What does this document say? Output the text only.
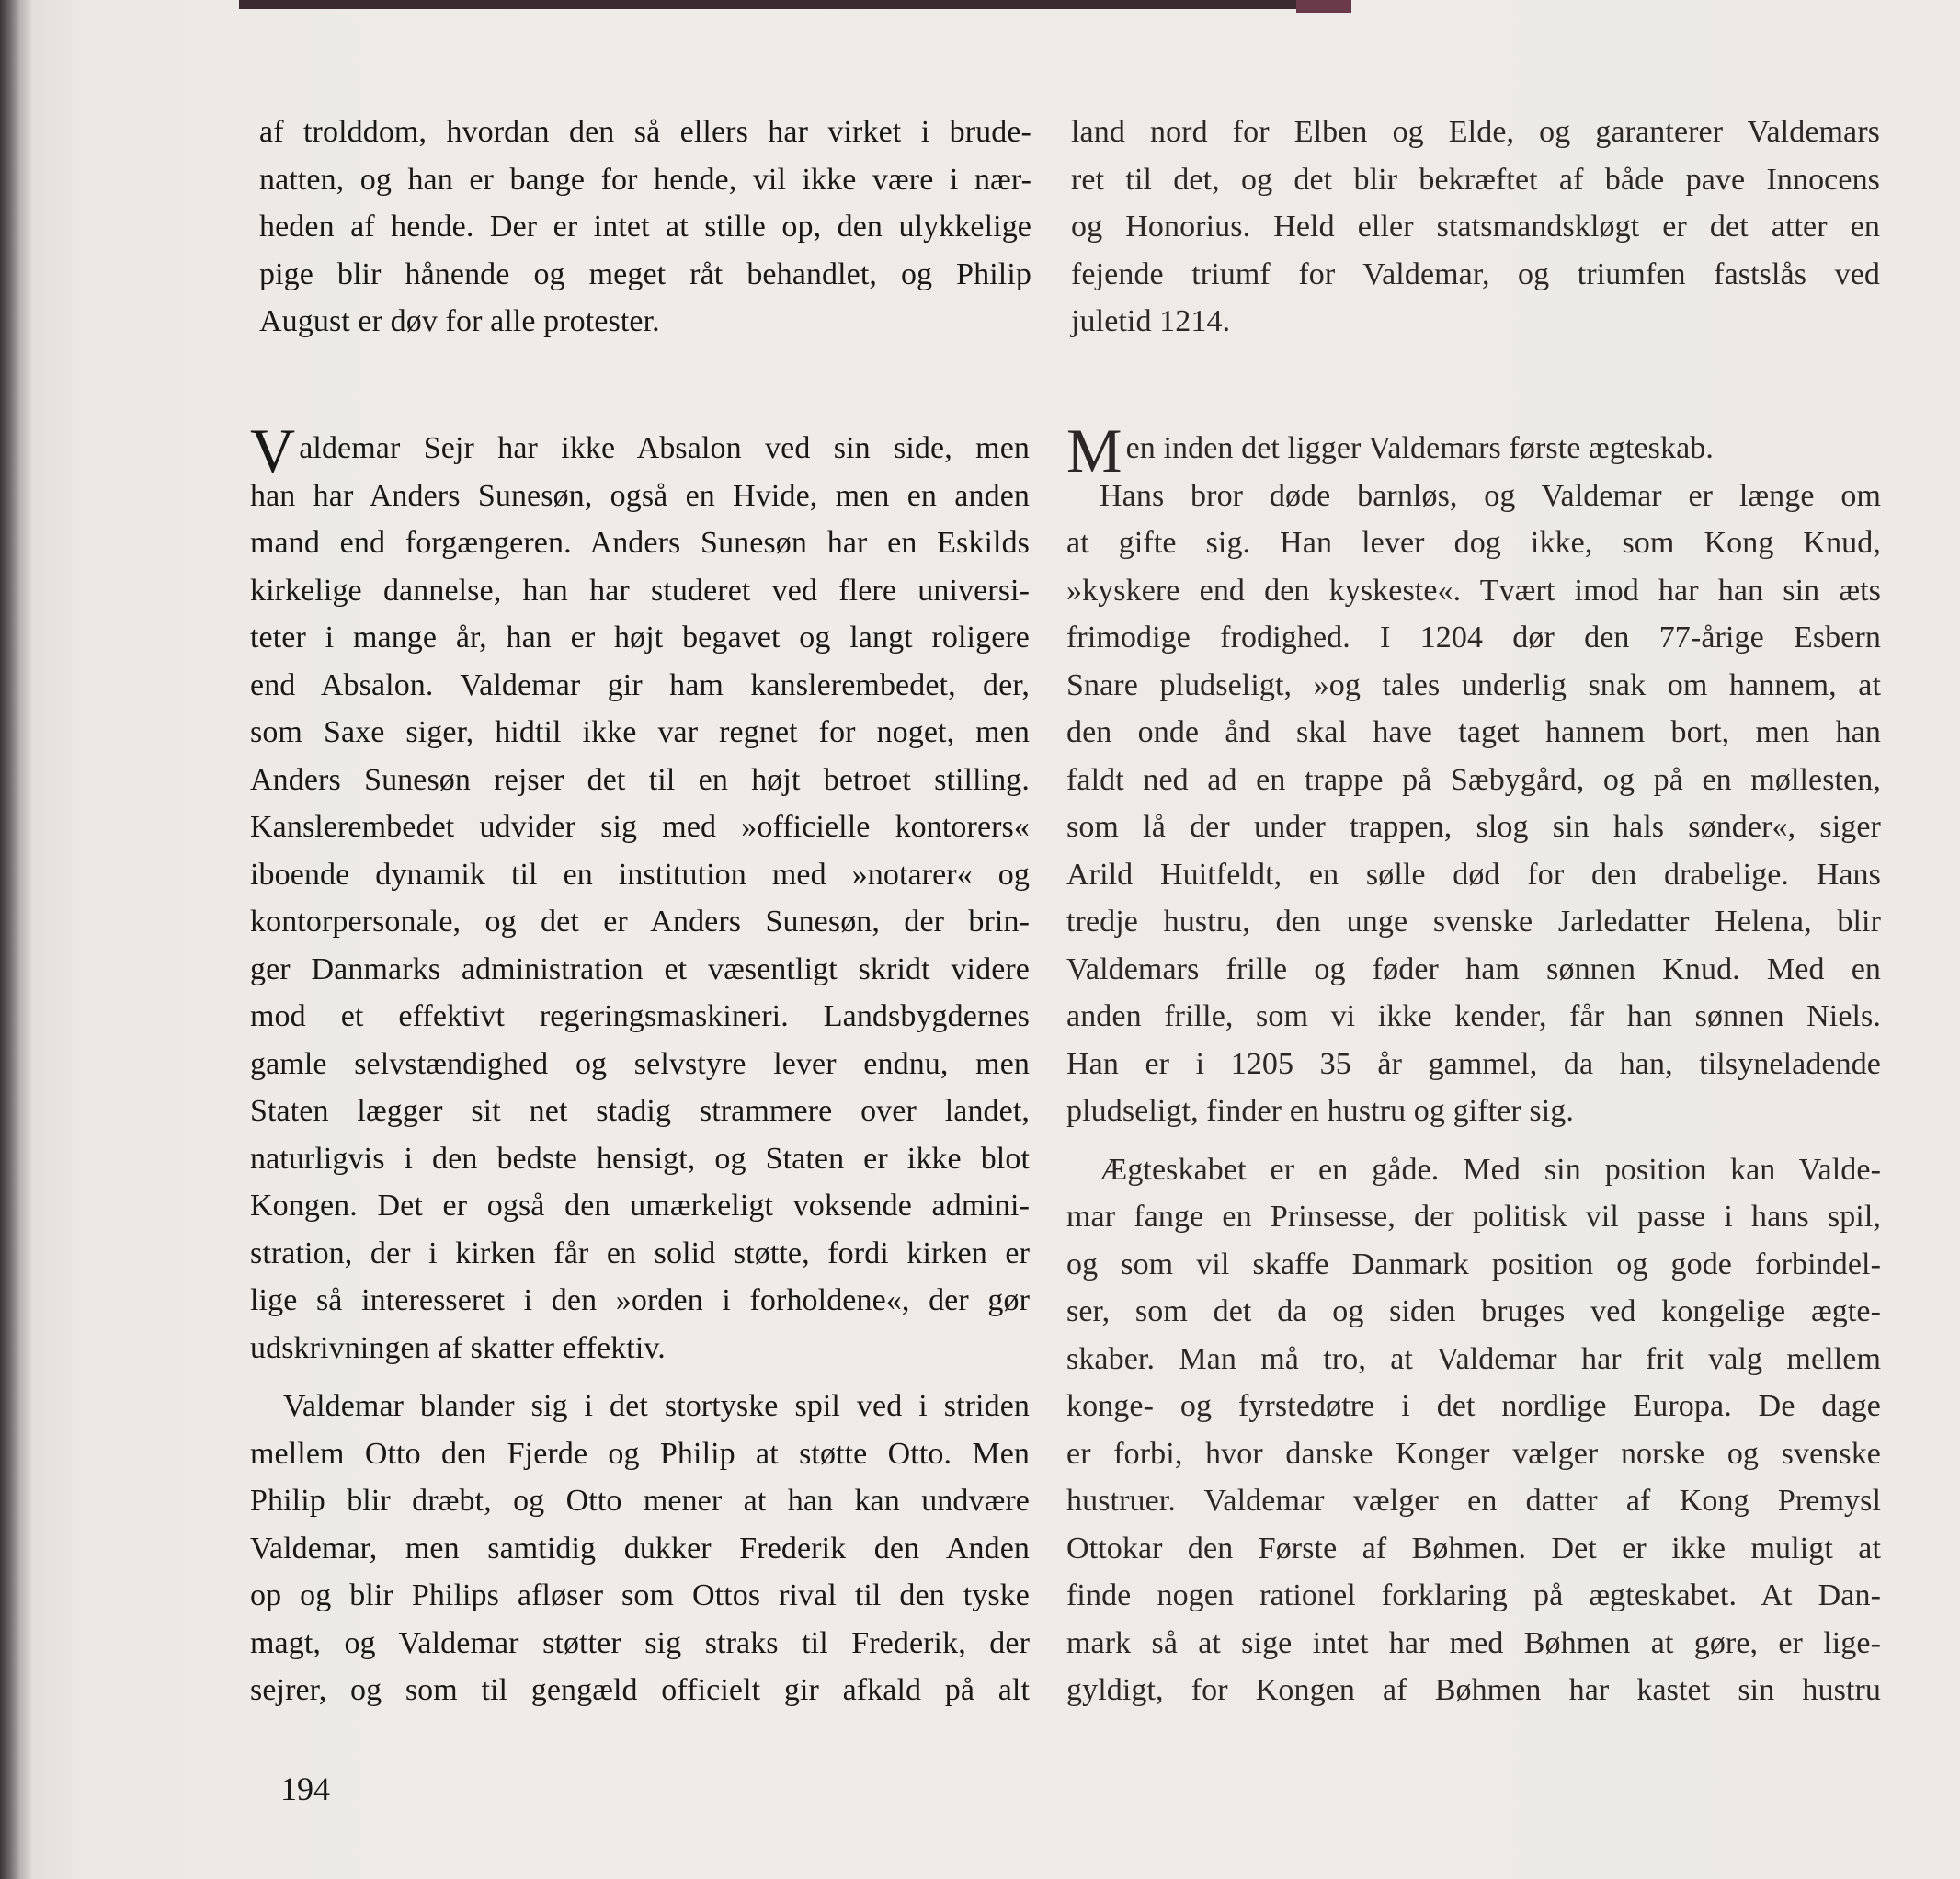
af trolddom, hvordan den så ellers har virket i brude-
natten, og han er bange for hende, vil ikke være i nær-
heden af hende. Der er intet at stille op, den ulykkelige
pige blir hånende og meget råt behandlet, og Philip
August er døv for alle protester.
land nord for Elben og Elde, og garanterer Valdemars
ret til det, og det blir bekræftet af både pave Innocens
og Honorius. Held eller statsmandskløgt er det atter en
fejende triumf for Valdemar, og triumfen fastslås ved
juletid 1214.
Valdemar Sejr har ikke Absalon ved sin side, men
han har Anders Sunesøn, også en Hvide, men en anden
mand end forgængeren. Anders Sunesøn har en Eskilds
kirkelige dannelse, han har studeret ved flere universi-
teter i mange år, han er højt begavet og langt roligere
end Absalon. Valdemar gir ham kanslerembedet, der,
som Saxe siger, hidtil ikke var regnet for noget, men
Anders Sunesøn rejser det til en højt betroet stilling.
Kanslerembedet udvider sig med »officielle kontorers«
iboende dynamik til en institution med »notarer« og
kontorpersonale, og det er Anders Sunesøn, der brin-
ger Danmarks administration et væsentligt skridt videre
mod et effektivt regeringsmaskineri. Landsbygdernes
gamle selvstændighed og selvstyre lever endnu, men
Staten lægger sit net stadig strammere over landet,
naturligvis i den bedste hensigt, og Staten er ikke blot
Kongen. Det er også den umærkeligt voksende admini-
stration, der i kirken får en solid støtte, fordi kirken er
lige så interesseret i den »orden i forholdene«, der gør
udskrivningen af skatter effektiv.
Valdemar blander sig i det stortyske spil ved i striden
mellem Otto den Fjerde og Philip at støtte Otto. Men
Philip blir dræbt, og Otto mener at han kan undvære
Valdemar, men samtidig dukker Frederik den Anden
op og blir Philips afløser som Ottos rival til den tyske
magt, og Valdemar støtter sig straks til Frederik, der
sejrer, og som til gengæld officielt gir afkald på alt
Men inden det ligger Valdemars første ægteskab.
Hans bror døde barnløs, og Valdemar er længe om
at gifte sig. Han lever dog ikke, som Kong Knud,
»kyskere end den kyskeste«. Tvært imod har han sin æts
frimodige frodighed. I 1204 dør den 77-årige Esbern
Snare pludseligt, »og tales underlig snak om hannem, at
den onde ånd skal have taget hannem bort, men han
faldt ned ad en trappe på Sæbygård, og på en møllesten,
som lå der under trappen, slog sin hals sønder«, siger
Arild Huitfeldt, en sølle død for den drabelige. Hans
tredje hustru, den unge svenske Jarledatter Helena, blir
Valdemars frille og føder ham sønnen Knud. Med en
anden frille, som vi ikke kender, får han sønnen Niels.
Han er i 1205 35 år gammel, da han, tilsyneladende
pludseligt, finder en hustru og gifter sig.
Ægteskabet er en gåde. Med sin position kan Valde-
mar fange en Prinsesse, der politisk vil passe i hans spil,
og som vil skaffe Danmark position og gode forbindel-
ser, som det da og siden bruges ved kongelige ægte-
skaber. Man må tro, at Valdemar har frit valg mellem
konge- og fyrstedøtre i det nordlige Europa. De dage
er forbi, hvor danske Konger vælger norske og svenske
hustruer. Valdemar vælger en datter af Kong Premysl
Ottokar den Første af Bøhmen. Det er ikke muligt at
finde nogen rationel forklaring på ægteskabet. At Dan-
mark så at sige intet har med Bøhmen at gøre, er lige-
gyldigt, for Kongen af Bøhmen har kastet sin hustru
194
